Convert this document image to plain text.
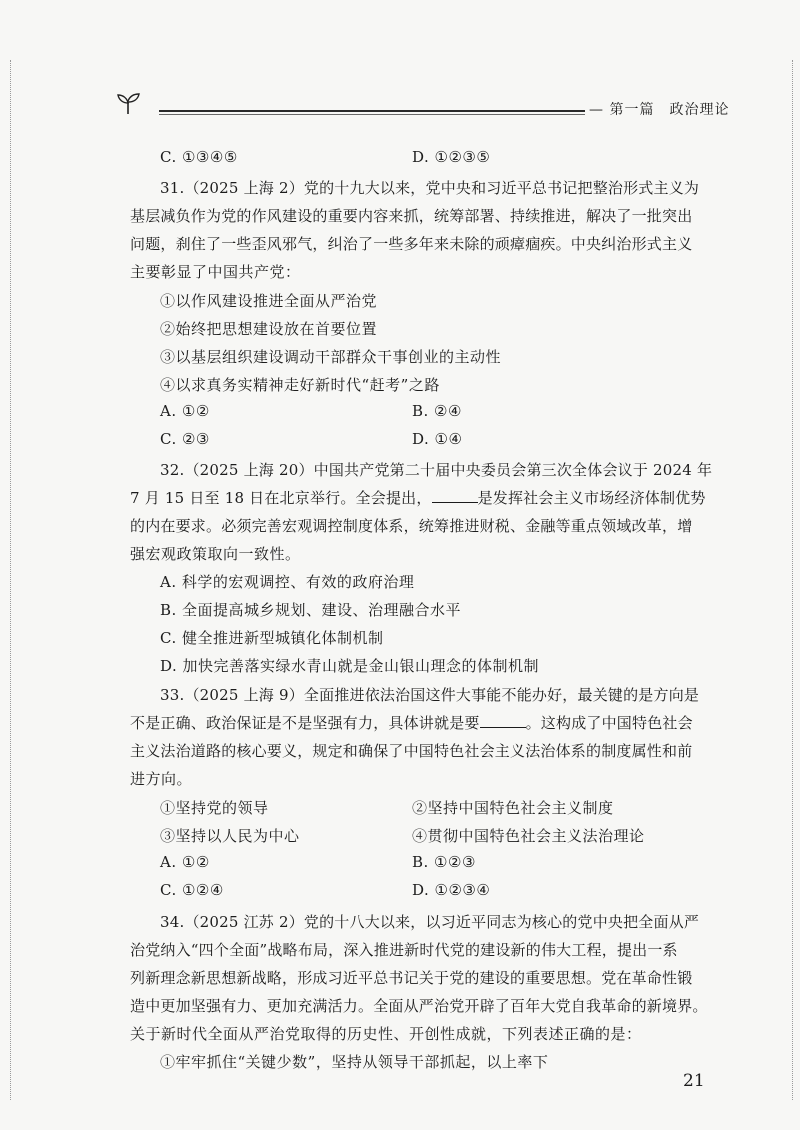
— 第一篇　政治理论
C. ①③④⑤	D. ①②③⑤
31.（2025 上海 2）党的十九大以来，党中央和习近平总书记把整治形式主义为
基层减负作为党的作风建设的重要内容来抓，统筹部署、持续推进，解决了一批突出
问题，刹住了一些歪风邪气，纠治了一些多年来未除的顽瘴痼疾。中央纠治形式主义
主要彰显了中国共产党：
①以作风建设推进全面从严治党
②始终把思想建设放在首要位置
③以基层组织建设调动干部群众干事创业的主动性
④以求真务实精神走好新时代“赶考”之路
A. ①②	B. ②④
C. ②③	D. ①④
32.（2025 上海 20）中国共产党第二十届中央委员会第三次全体会议于 2024 年
7 月 15 日至 18 日在北京举行。全会提出，	是发挥社会主义市场经济体制优势
的内在要求。必须完善宏观调控制度体系，统筹推进财税、金融等重点领域改革，增
强宏观政策取向一致性。
A. 科学的宏观调控、有效的政府治理
B. 全面提高城乡规划、建设、治理融合水平
C. 健全推进新型城镇化体制机制
D. 加快完善落实绿水青山就是金山银山理念的体制机制
33.（2025 上海 9）全面推进依法治国这件大事能不能办好，最关键的是方向是
不是正确、政治保证是不是坚强有力，具体讲就是要	。这构成了中国特色社会
主义法治道路的核心要义，规定和确保了中国特色社会主义法治体系的制度属性和前
进方向。
①坚持党的领导	②坚持中国特色社会主义制度
③坚持以人民为中心	④贯彻中国特色社会主义法治理论
A. ①②	B. ①②③
C. ①②④	D. ①②③④
34.（2025 江苏 2）党的十八大以来，以习近平同志为核心的党中央把全面从严
治党纳入“四个全面”战略布局，深入推进新时代党的建设新的伟大工程，提出一系
列新理念新思想新战略，形成习近平总书记关于党的建设的重要思想。党在革命性锻
造中更加坚强有力、更加充满活力。全面从严治党开辟了百年大党自我革命的新境界。
关于新时代全面从严治党取得的历史性、开创性成就，下列表述正确的是：
①牢牢抓住“关键少数”，坚持从领导干部抓起，以上率下
21
